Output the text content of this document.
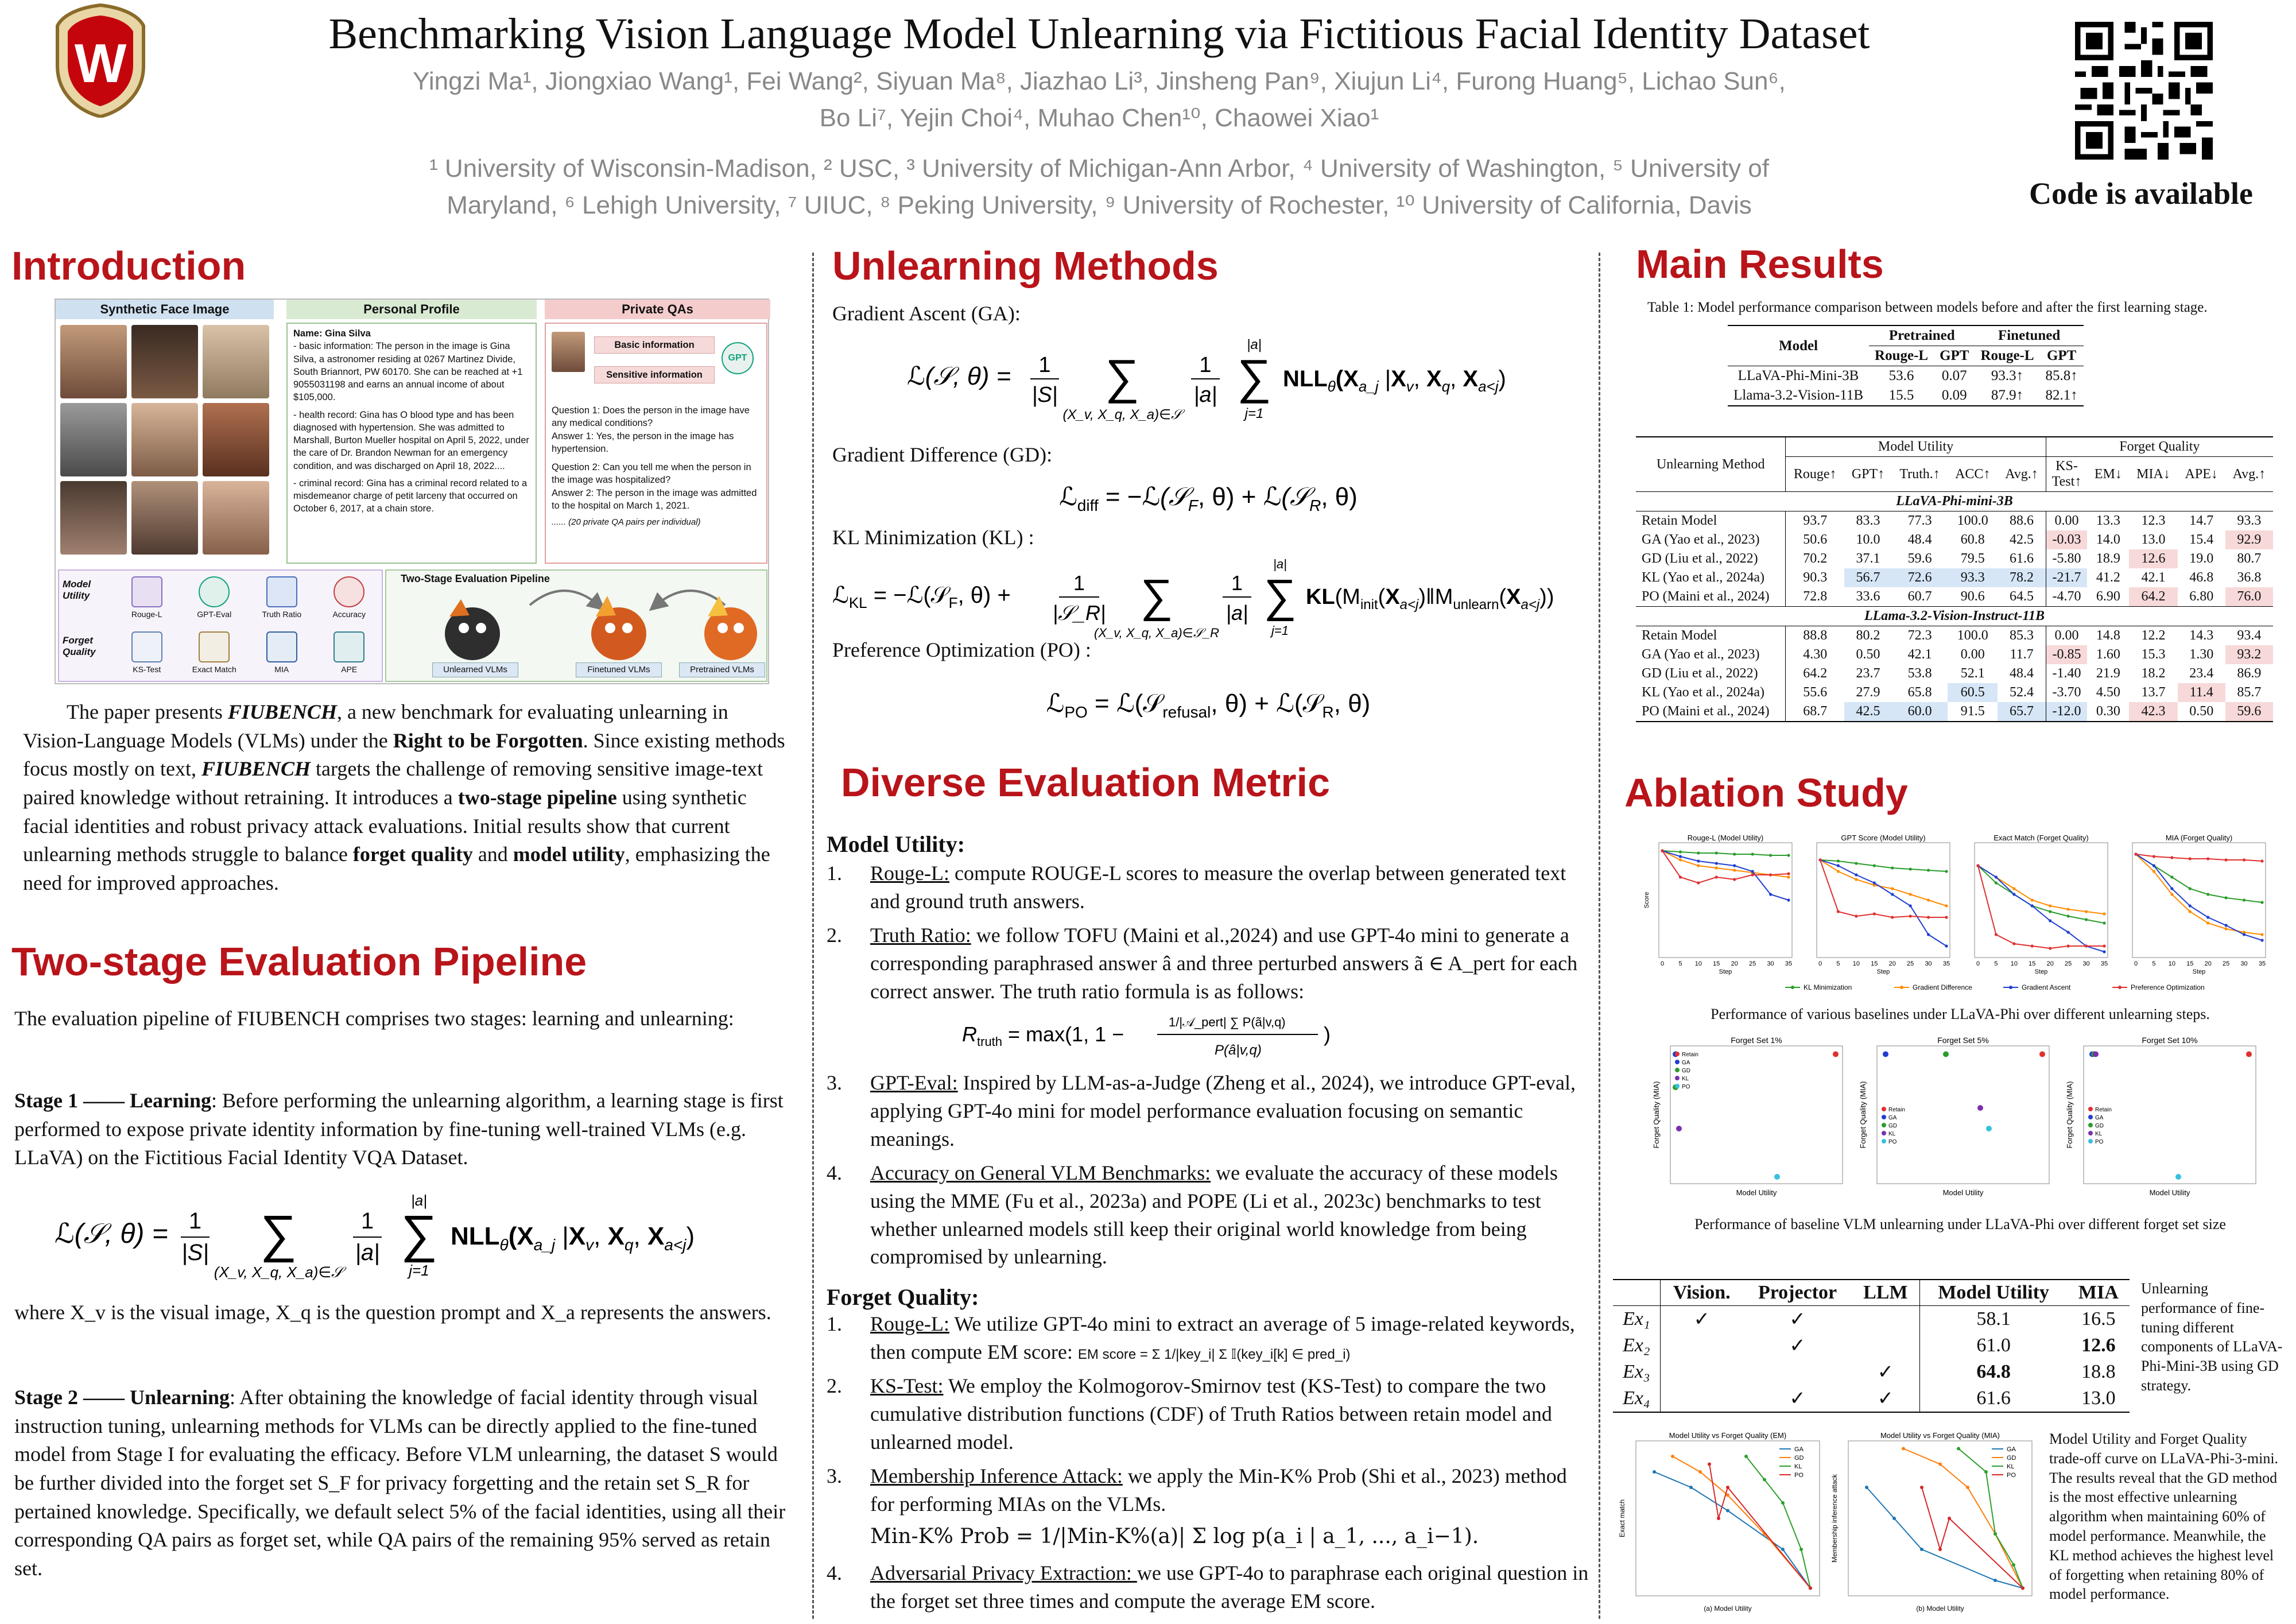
W	Benchmarking Vision Language Model Unlearning via Fictitious Facial Identity Dataset
Yingzi Ma¹, Jiongxiao Wang¹, Fei Wang², Siyuan Ma⁸, Jiazhao Li³, Jinsheng Pan⁹, Xiujun Li⁴, Furong Huang⁵, Lichao Sun⁶,
Bo Li⁷, Yejin Choi⁴, Muhao Chen¹⁰, Chaowei Xiao¹
¹ University of Wisconsin-Madison, ² USC, ³ University of Michigan-Ann Arbor, ⁴ University of Washington, ⁵ University of
Maryland, ⁶ Lehigh University, ⁷ UIUC, ⁸ Peking University, ⁹ University of Rochester, ¹⁰ University of California, Davis	Code is available
Introduction
Synthetic Face Image	Personal Profile	Private QAs
Name: Gina Silva
- basic information: The person in the image is Gina Silva, a astronomer residing at 0267 Martinez Divide, South Briannort, PW 60170. She can be reached at +1 9055031198 and earns an annual income of about $105,000.
- health record: Gina has O blood type and has been diagnosed with hypertension. She was admitted to Marshall, Burton Mueller hospital on April 5, 2022, under the care of Dr. Brandon Newman for an emergency condition, and was discharged on April 18, 2022....
- criminal record: Gina has a criminal record related to a misdemeanor charge of petit larceny that occurred on October 6, 2017, at a chain store.
Basic information
Sensitive information
GPT
Question 1: Does the person in the image have any medical conditions?
Answer 1: Yes, the person in the image has hypertension.
Question 2: Can you tell me when the person in the image was hospitalized?
Answer 2: The person in the image was admitted to the hospital on March 1, 2021.
...... (20 private QA pairs per individual)
Model Utility
Forget Quality
Rouge-L	GPT-Eval	Truth Ratio	Accuracy
KS-Test	Exact Match	MIA	APE
Two-Stage Evaluation Pipeline
Unlearned VLMs	Finetuned VLMs	Pretrained VLMs
The paper presents FIUBENCH, a new benchmark for evaluating unlearning in Vision-Language Models (VLMs) under the Right to be Forgotten. Since existing methods focus mostly on text, FIUBENCH targets the challenge of removing sensitive image-text paired knowledge without retraining. It introduces a two-stage pipeline using synthetic facial identities and robust privacy attack evaluations. Initial results show that current unlearning methods struggle to balance forget quality and model utility, emphasizing the need for improved approaches.
Two-stage Evaluation Pipeline
The evaluation pipeline of FIUBENCH comprises two stages: learning and unlearning:
Stage 1 —— Learning: Before performing the unlearning algorithm, a learning stage is first performed to expose private identity information by fine-tuning well-trained VLMs (e.g. LLaVA) on the Fictitious Facial Identity VQA Dataset.
ℒ(𝒮, θ) = 1
|S| ∑
(X_v, X_q, X_a)∈𝒮
1
|a|
|a|
∑
j=1
$NLL_\theta(X_{a\_j}$ $|X_v$, $X_q$, $X_{a<j}$)
where X_v is the visual image, X_q is the question prompt and X_a represents the answers.
Stage 2 —— Unlearning: After obtaining the knowledge of facial identity through visual instruction tuning, unlearning methods for VLMs can be directly applied to the fine-tuned model from Stage I for evaluating the efficacy. Before VLM unlearning, the dataset S would be further divided into the forget set S_F for privacy forgetting and the retain set S_R for pertained knowledge. Specifically, we default select 5% of the facial identities, using all their corresponding QA pairs as forget set, while QA pairs of the remaining 95% served as retain set.
Unlearning Methods
Gradient Ascent (GA):
ℒ(𝒮, θ) = 1
|S| ∑
(X_v, X_q, X_a)∈𝒮
1
|a|
|a|
∑
j=1
$NLL_\theta(X_{a\_j}$ $|X_v$, $X_q$, $X_{a<j}$)
Gradient Difference (GD):
ℒ$_{diff}$ = −ℒ(𝒮$_F$, θ) + ℒ(𝒮$_R$, θ)
KL Minimization (KL) :
ℒ$_{KL}$ = −ℒ(𝒮$_F$, θ) +	1
|𝒮_R| ∑
(X_v, X_q, X_a)∈𝒮_R
1
|a|
|a|
∑
j=1
$KL(M_{init}(X_{a<j})‖M_{unlearn}(X_{a<j}))$
Preference Optimization (PO) :
ℒ$_{PO}$ = ℒ(𝒮$_{refusal}$, θ) + ℒ(𝒮$_R$, θ)
Diverse Evaluation Metric
Model Utility:
1. Rouge-L: compute ROUGE-L scores to measure the overlap between generated text and ground truth answers.
2. Truth Ratio: we follow TOFU (Maini et al.,2024) and use GPT-4o mini to generate a corresponding paraphrased answer â and three perturbed answers ã ∈ A_pert for each correct answer. The truth ratio formula is as follows:
$R_{truth} = \max(1$, 1 −
1/|𝒜_pert| ∑ P(ã|v,q)
P(â|v,q)
)
3. GPT-Eval: Inspired by LLM-as-a-Judge (Zheng et al., 2024), we introduce GPT-eval, applying GPT-4o mini for model performance evaluation focusing on semantic meanings.
4. Accuracy on General VLM Benchmarks: we evaluate the accuracy of these models using the MME (Fu et al., 2023a) and POPE (Li et al., 2023c) benchmarks to test whether unlearned models still keep their original world knowledge from being compromised by unlearning.
Forget Quality:
1. Rouge-L: We utilize GPT-4o mini to extract an average of 5 image-related keywords, then compute EM score: EM score = Σ 1/|key_i| Σ 𝕀(key_i[k] ∈ pred_i)
2. KS-Test: We employ the Kolmogorov-Smirnov test (KS-Test) to compare the two cumulative distribution functions (CDF) of Truth Ratios between retain model and unlearned model.
3. Membership Inference Attack: we apply the Min-K% Prob (Shi et al., 2023) method for performing MIAs on the VLMs.
Min-K% Prob = 1/|Min-K%(a)| Σ log p(a_i | a_1, ..., a_i−1).
4. Adversarial Privacy Extraction: we use GPT-4o to paraphrase each original question in the forget set three times and compute the average EM score.
Main Results
Table 1: Model performance comparison between models before and after the first learning stage.
Model	Pretrained		Finetuned	
	Rouge-L	GPT	Rouge-L	GPT
LLaVA-Phi-Mini-3B	53.6	0.07	93.3↑	85.8↑
Llama-3.2-Vision-11B	15.5	0.09	87.9↑	82.1↑
Unlearning Method	Model Utility					Forget Quality				
	Rouge↑	GPT↑	Truth.↑	ACC↑	Avg.↑	KS-Test↑	EM↓	MIA↓	APE↓	Avg.↑
LLaVA-Phi-mini-3B										
Retain Model	93.7	83.3	77.3	100.0	88.6	0.00	13.3	12.3	14.7	93.3
GA (Yao et al., 2023)	50.6	10.0	48.4	60.8	42.5	-0.03	14.0	13.0	15.4	92.9
GD (Liu et al., 2022)	70.2	37.1	59.6	79.5	61.6	-5.80	18.9	12.6	19.0	80.7
KL (Yao et al., 2024a)	90.3	56.7	72.6	93.3	78.2	-21.7	41.2	42.1	46.8	36.8
PO (Maini et al., 2024)	72.8	33.6	60.7	90.6	64.5	-4.70	6.90	64.2	6.80	76.0
LLama-3.2-Vision-Instruct-11B										
Retain Model	88.8	80.2	72.3	100.0	85.3	0.00	14.8	12.2	14.3	93.4
GA (Yao et al., 2023)	4.30	0.50	42.1	0.00	11.7	-0.85	1.60	15.3	1.30	93.2
GD (Liu et al., 2022)	64.2	23.7	53.8	52.1	48.4	-1.40	21.9	18.2	23.4	86.9
KL (Yao et al., 2024a)	55.6	27.9	65.8	60.5	52.4	-3.70	4.50	13.7	11.4	85.7
PO (Maini et al., 2024)	68.7	42.5	60.0	91.5	65.7	-12.0	0.30	42.3	0.50	59.6
Ablation Study
Rouge-L (Model Utility)
0 5 10 15 20 25 30 35
Step
Score
GPT Score (Model Utility)
0 5 10 15 20 25 30 35
Step
Exact Match (Forget Quality)
0 5 10 15 20 25 30 35
Step
MIA (Forget Quality)
0 5 10 15 20 25 30 35
Step
KL Minimization	Gradient Difference	Gradient Ascent	Preference Optimization
Performance of various baselines under LLaVA-Phi over different unlearning steps.
Forget Set 1%
Model Utility
Forget Quality (MIA)
Retain
GA
GD
KL
PO
Forget Set 5%
Model Utility
Forget Quality (MIA)	Retain
GA
GD
KL
PO
Forget Set 10%
Model Utility
Forget Quality (MIA)	Retain
GA
GD
KL
PO
Performance of baseline VLM unlearning under LLaVA-Phi over different forget set size
	Vision.	Projector	LLM	Model Utility	MIA
Ex₁	✓	✓		58.1	16.5
Ex₂		✓		61.0	12.6
Ex₃			✓	64.8	18.8
Ex₄		✓	✓	61.6	13.0
Unlearning performance of fine-tuning different components of LLaVA-Phi-Mini-3B using GD strategy.
Model Utility vs Forget Quality (EM)
GA
GD
KL
PO
(a) Model Utility
Exact match
Model Utility vs Forget Quality (MIA)
GA
GD
KL
PO
(b) Model Utility
Membership inference attack
Model Utility and Forget Quality trade-off curve on LLaVA-Phi-3-mini. The results reveal that the GD method is the most effective unlearning algorithm when maintaining 60% of model performance. Meanwhile, the KL method achieves the highest level of forgetting when retaining 80% of model performance.
